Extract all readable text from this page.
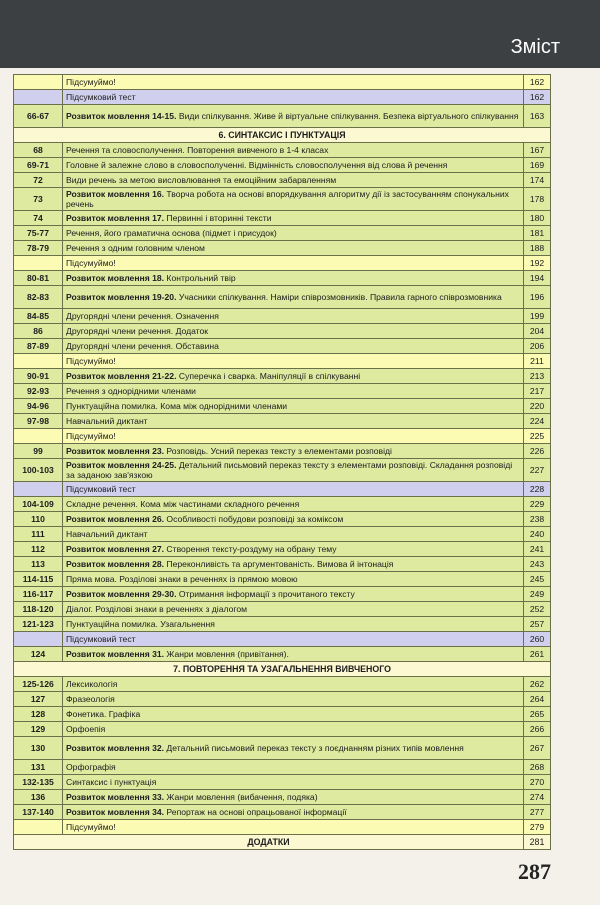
Зміст
	Підсумуймо!	162
	Підсумковий тест	162
66-67	Розвиток мовлення 14-15. Види спілкування. Живе й віртуальне спілкування. Безпека віртуального спілкування	163
6. СИНТАКСИС І ПУНКТУАЦІЯ		
68	Речення та словосполучення. Повторення вивченого в 1-4 класах	167
69-71	Головне й залежне слово в словосполученні. Відмінність словосполучення від слова й речення	169
72	Види речень за метою висловлювання та емоційним забарвленням	174
73	Розвиток мовлення 16. Творча робота на основі впорядкування алгоритму дії із застосуванням спонукальних речень	178
74	Розвиток мовлення 17. Первинні і вторинні тексти	180
75-77	Речення, його граматична основа (підмет і присудок)	181
78-79	Речення з одним головним членом	188
	Підсумуймо!	192
80-81	Розвиток мовлення 18. Контрольний твір	194
82-83	Розвиток мовлення 19-20. Учасники спілкування. Наміри співрозмовників. Правила гарного співрозмовника	196
84-85	Другорядні члени речення. Означення	199
86	Другорядні члени речення. Додаток	204
87-89	Другорядні члени речення. Обставина	206
	Підсумуймо!	211
90-91	Розвиток мовлення 21-22. Суперечка і сварка. Маніпуляції в спілкуванні	213
92-93	Речення з однорідними членами	217
94-96	Пунктуаційна помилка. Кома між однорідними членами	220
97-98	Навчальний диктант	224
	Підсумуймо!	225
99	Розвиток мовлення 23. Розповідь. Усний переказ тексту з елементами розповіді	226
100-103	Розвиток мовлення 24-25. Детальний письмовий переказ тексту з елементами розповіді. Складання розповіді за заданою зав'язкою	227
	Підсумковий тест	228
104-109	Складне речення. Кома між частинами складного речення	229
110	Розвиток мовлення 26. Особливості побудови розповіді за коміксом	238
111	Навчальний диктант	240
112	Розвиток мовлення 27. Створення тексту-роздуму на обрану тему	241
113	Розвиток мовлення 28. Переконливість та аргументованість. Вимова й інтонація	243
114-115	Пряма мова. Розділові знаки в реченнях із прямою мовою	245
116-117	Розвиток мовлення 29-30. Отримання інформації з прочитаного тексту	249
118-120	Діалог. Розділові знаки в реченнях з діалогом	252
121-123	Пунктуаційна помилка. Узагальнення	257
	Підсумковий тест	260
124	Розвиток мовлення 31. Жанри мовлення (привітання).	261
7. ПОВТОРЕННЯ ТА УЗАГАЛЬНЕННЯ ВИВЧЕНОГО		
125-126	Лексикологія	262
127	Фразеологія	264
128	Фонетика. Графіка	265
129	Орфоепія	266
130	Розвиток мовлення 32. Детальний письмовий переказ тексту з поєднанням різних типів мовлення	267
131	Орфографія	268
132-135	Синтаксис і пунктуація	270
136	Розвиток мовлення 33. Жанри мовлення (вибачення, подяка)	274
137-140	Розвиток мовлення 34. Репортаж на основі опрацьованої інформації	277
	Підсумуймо!	279
ДОДАТКИ		281
287
